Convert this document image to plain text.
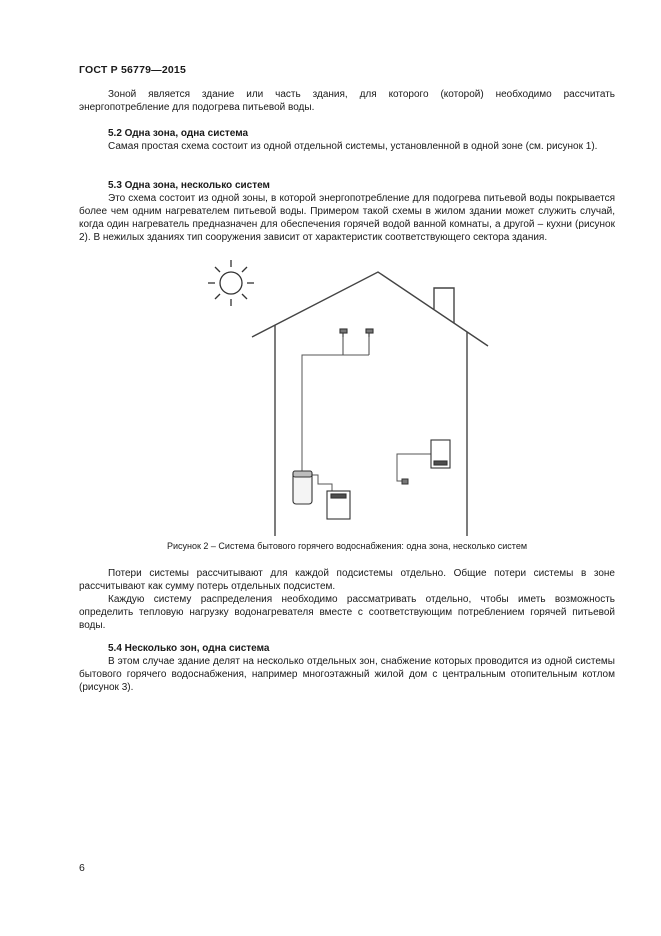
ГОСТ Р 56779—2015

Зоной является здание или часть здания, для которого (которой) необходимо рассчитать энергопотребление для подогрева питьевой воды.

5.2 Одна зона, одна система

Самая простая схема состоит из одной отдельной системы, установленной в одной зоне (см. рисунок 1).

5.3 Одна зона, несколько систем

Это схема состоит из одной зоны, в которой энергопотребление для подогрева питьевой воды покрывается более чем одним нагревателем питьевой воды. Примером такой схемы в жилом здании может служить случай, когда один нагреватель предназначен для обеспечения горячей водой ванной комнаты, а другой – кухни (рисунок 2). В нежилых зданиях тип сооружения зависит от характеристик соответствующего сектора здания.

Рисунок 2 – Система бытового горячего водоснабжения: одна зона, несколько систем

Потери системы рассчитывают для каждой подсистемы отдельно. Общие потери системы в зоне рассчитывают как сумму потерь отдельных подсистем.

Каждую систему распределения необходимо рассматривать отдельно, чтобы иметь возможность определить тепловую нагрузку водонагревателя вместе с соответствующим потреблением горячей питьевой воды.

5.4 Несколько зон, одна система

В этом случае здание делят на несколько отдельных зон, снабжение которых проводится из одной системы бытового горячего водоснабжения, например многоэтажный жилой дом с центральным отопительным котлом (рисунок 3).

6
